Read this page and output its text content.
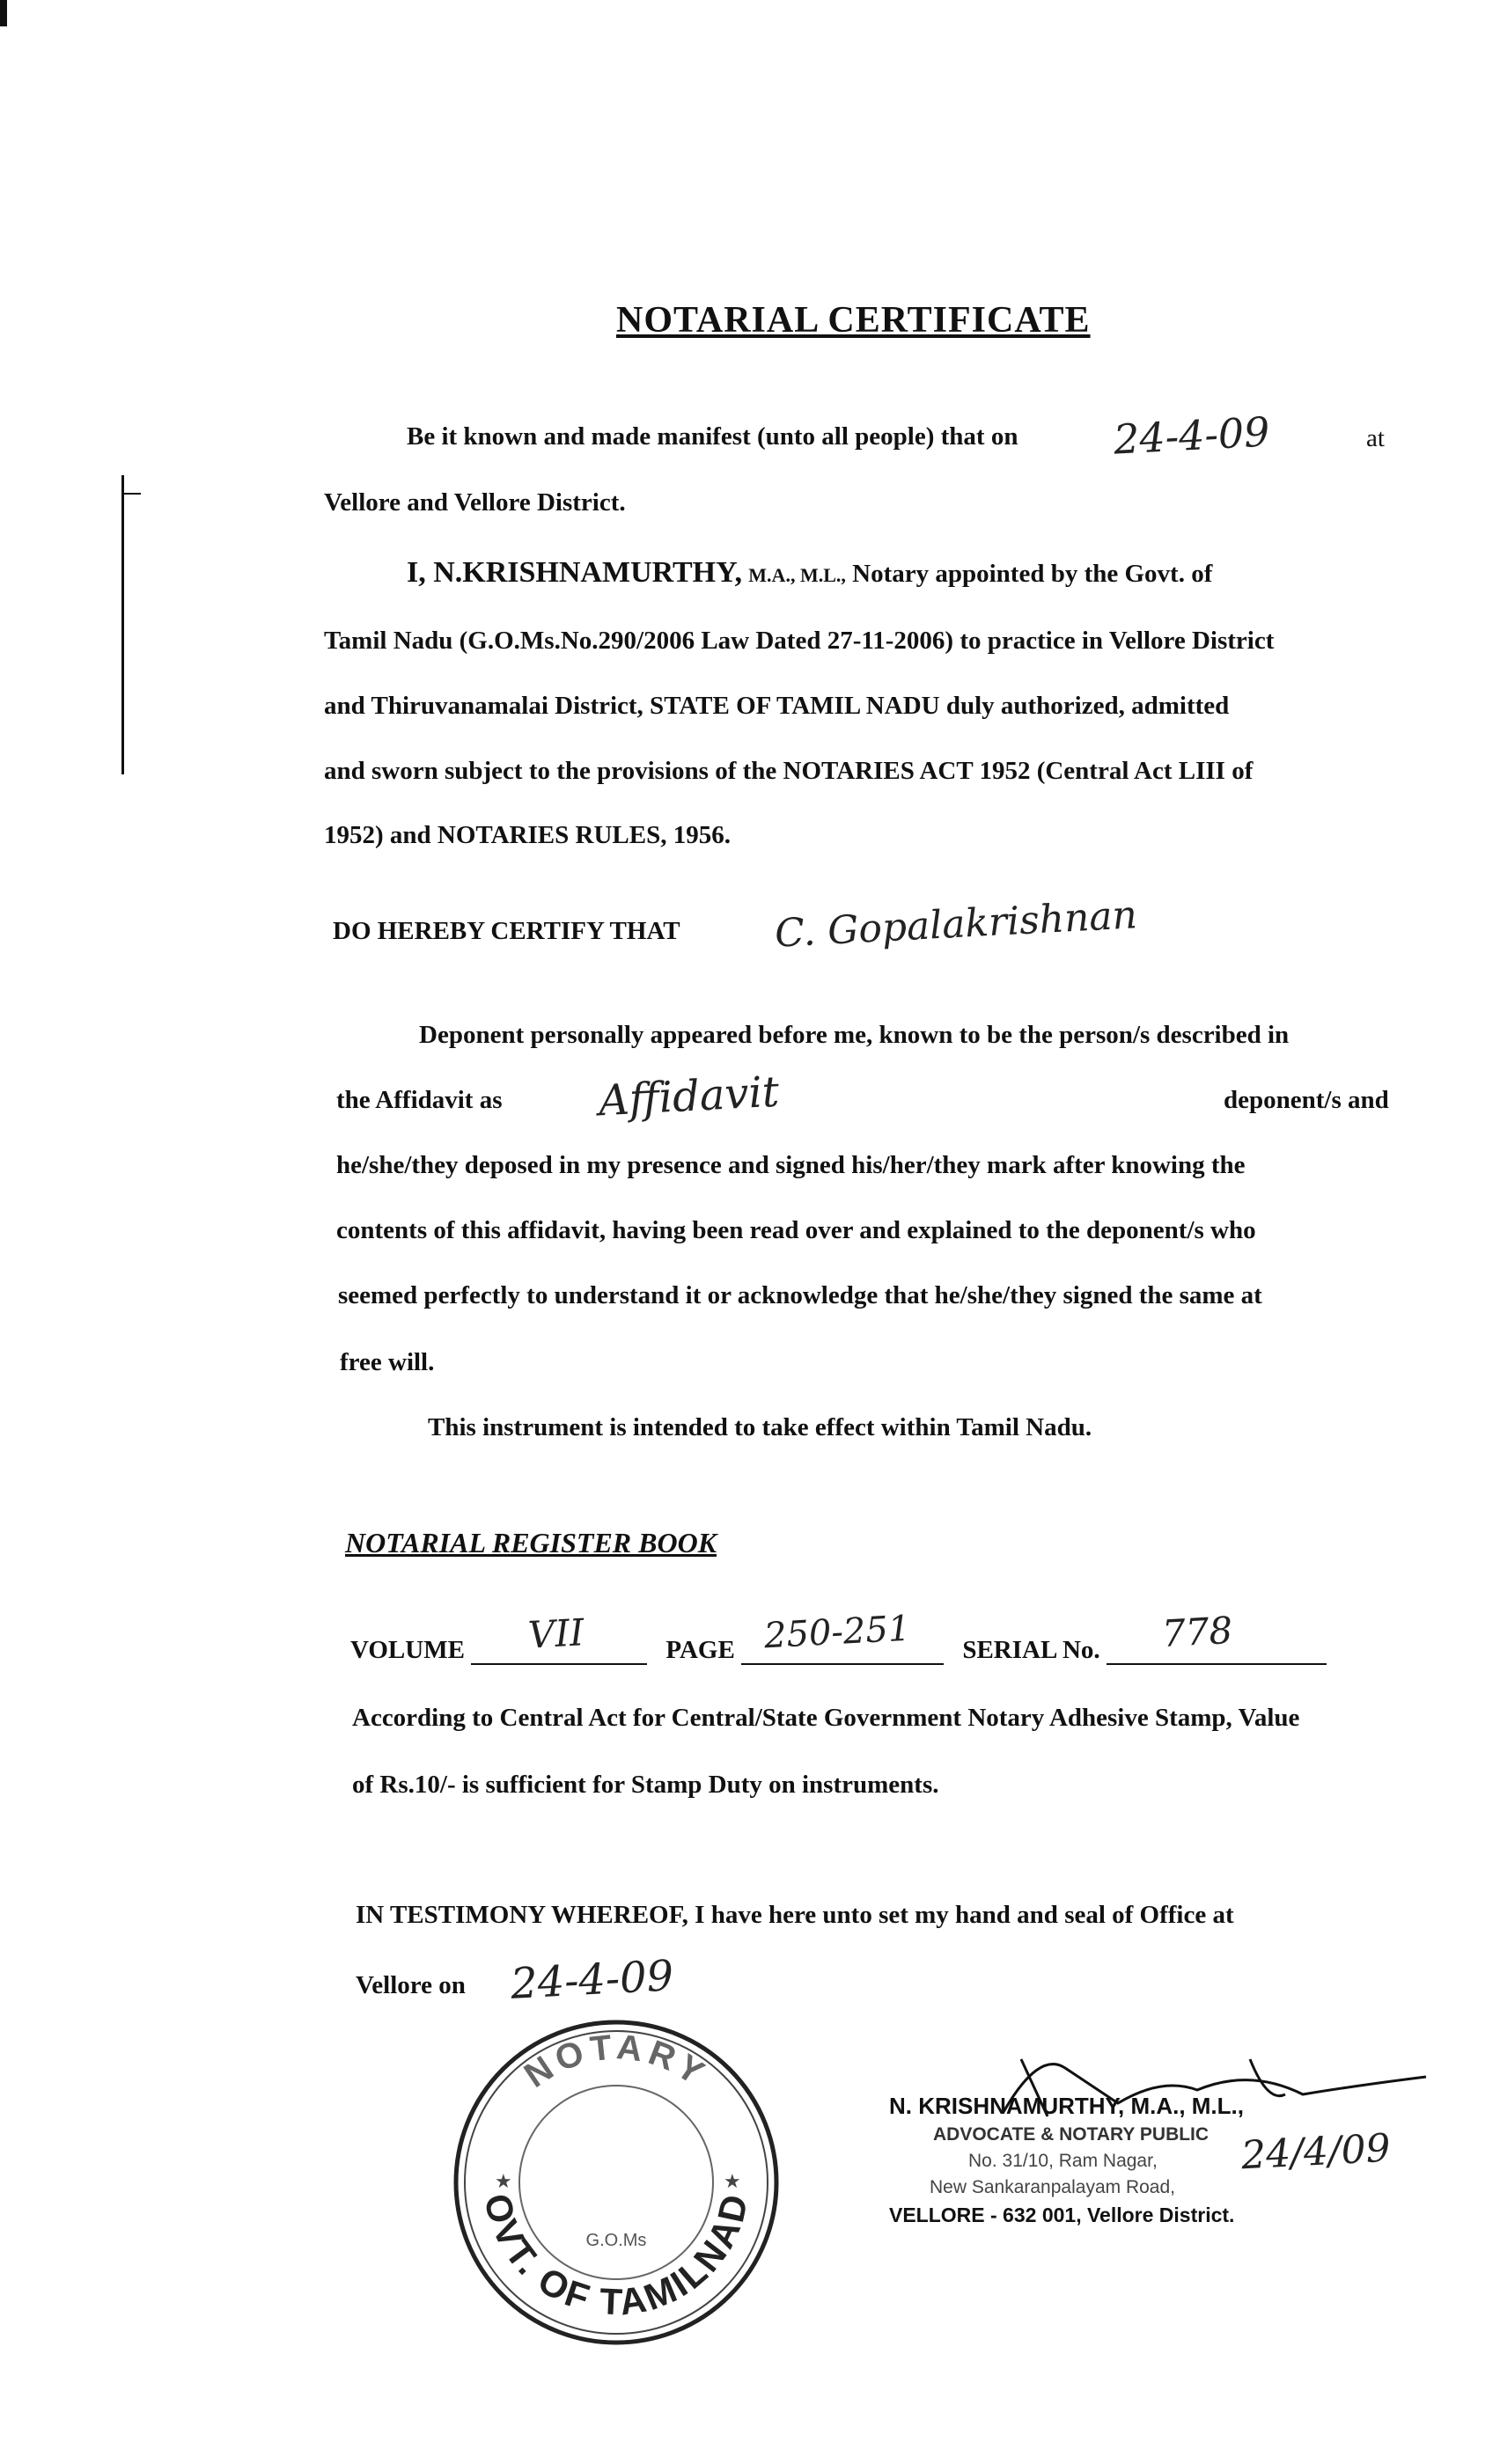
NOTARIAL CERTIFICATE
Be it known and made manifest (unto all people) that on 24-4-09	at
Vellore and Vellore District.
I, N.KRISHNAMURTHY, M.A., M.L., Notary appointed by the Govt. of
Tamil Nadu (G.O.Ms.No.290/2006 Law Dated 27-11-2006) to practice in Vellore District
and Thiruvanamalai District, STATE OF TAMIL NADU duly authorized, admitted
and sworn subject to the provisions of the NOTARIES ACT 1952 (Central Act LIII of
1952) and NOTARIES RULES, 1956.
DO HEREBY CERTIFY THAT C. Gopalakrishnan
Deponent personally appeared before me, known to be the person/s described in
the Affidavit as Affidavit	deponent/s and
he/she/they deposed in my presence and signed his/her/they mark after knowing the
contents of this affidavit, having been read over and explained to the deponent/s who
seemed perfectly to understand it or acknowledge that he/she/they signed the same at
free will.
This instrument is intended to take effect within Tamil Nadu.
NOTARIAL REGISTER BOOK
VOLUME	PAGE	SERIAL No.
VII	250-251	778
According to Central Act for Central/State Government Notary Adhesive Stamp, Value
of Rs.10/- is sufficient for Stamp Duty on instruments.
IN TESTIMONY WHEREOF, I have here unto set my hand and seal of Office at
Vellore on 24-4-09
NOTARY
OVT. OF TAMILNAD
G.O.Ms
★	★
N. KRISHNAMURTHY, M.A., M.L.,
ADVOCATE & NOTARY PUBLIC
No. 31/10, Ram Nagar,
New Sankaranpalayam Road,
VELLORE - 632 001, Vellore District.
24/4/09
